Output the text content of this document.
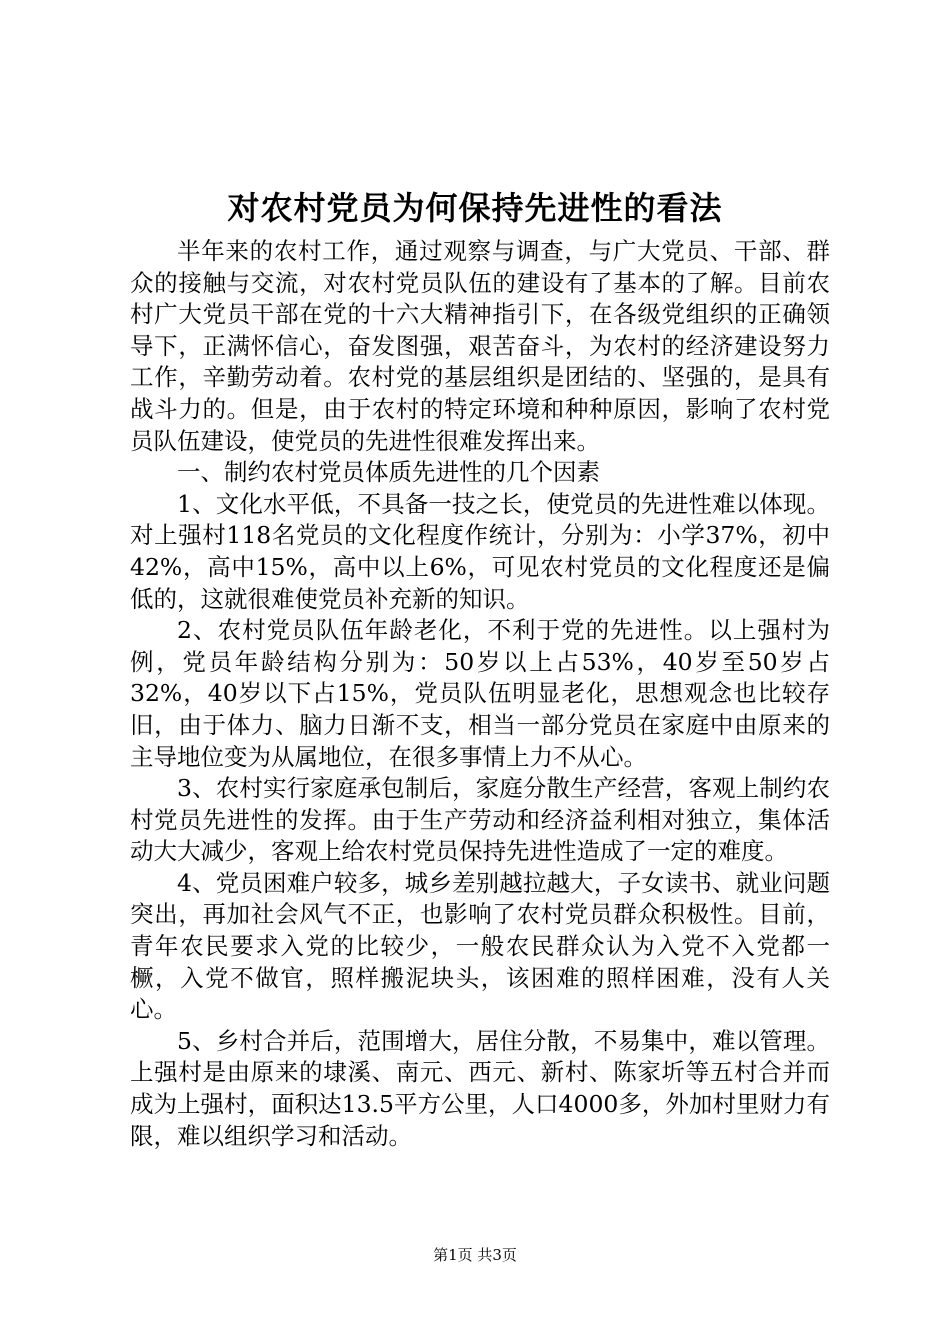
对农村党员为何保持先进性的看法

半年来的农村工作，通过观察与调查，与广大党员、干部、群众的接触与交流，对农村党员队伍的建设有了基本的了解。目前农村广大党员干部在党的十六大精神指引下，在各级党组织的正确领导下，正满怀信心，奋发图强，艰苦奋斗，为农村的经济建设努力工作，辛勤劳动着。农村党的基层组织是团结的、坚强的，是具有战斗力的。但是，由于农村的特定环境和种种原因，影响了农村党员队伍建设，使党员的先进性很难发挥出来。

一、制约农村党员体质先进性的几个因素

1、文化水平低，不具备一技之长，使党员的先进性难以体现。对上强村118名党员的文化程度作统计，分别为：小学37%，初中42%，高中15%，高中以上6%，可见农村党员的文化程度还是偏低的，这就很难使党员补充新的知识。

2、农村党员队伍年龄老化，不利于党的先进性。以上强村为例，党员年龄结构分别为：50岁以上占53%，40岁至50岁占32%，40岁以下占15%，党员队伍明显老化，思想观念也比较存旧，由于体力、脑力日渐不支，相当一部分党员在家庭中由原来的主导地位变为从属地位，在很多事情上力不从心。

3、农村实行家庭承包制后，家庭分散生产经营，客观上制约农村党员先进性的发挥。由于生产劳动和经济益利相对独立，集体活动大大减少，客观上给农村党员保持先进性造成了一定的难度。

4、党员困难户较多，城乡差别越拉越大，子女读书、就业问题突出，再加社会风气不正，也影响了农村党员群众积极性。目前，青年农民要求入党的比较少，一般农民群众认为入党不入党都一橛，入党不做官，照样搬泥块头，该困难的照样困难，没有人关心。

5、乡村合并后，范围增大，居住分散，不易集中，难以管理。上强村是由原来的埭溪、南元、西元、新村、陈家圻等五村合并而成为上强村，面积达13.5平方公里，人口4000多，外加村里财力有限，难以组织学习和活动。

第1页 共3页
